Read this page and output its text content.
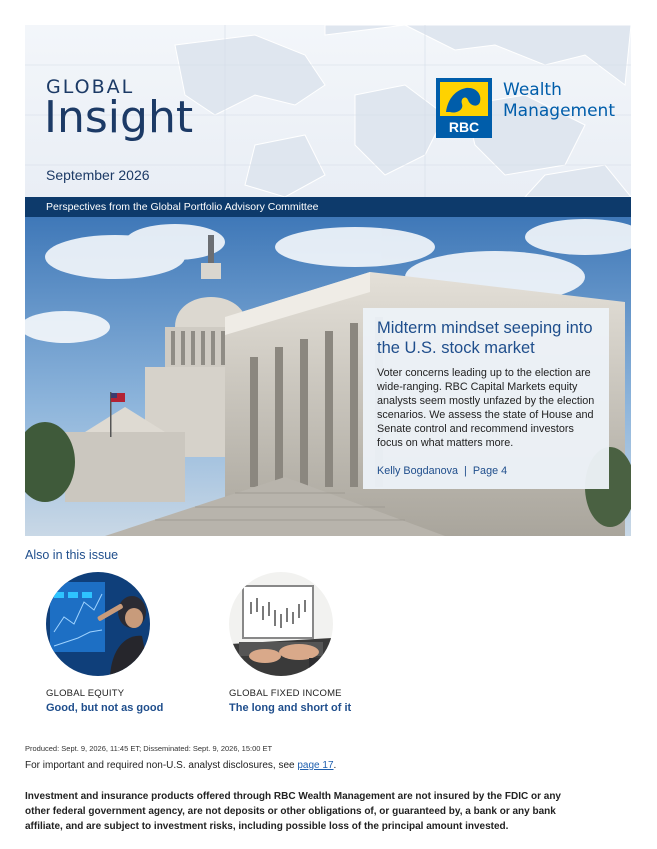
GLOBAL
Insight
September 2026
RBC
Wealth
Management
Perspectives from the Global Portfolio Advisory Committee
Midterm mindset seeping into the U.S. stock market

Voter concerns leading up to the election are wide-ranging. RBC Capital Markets equity analysts seem mostly unfazed by the election scenarios. We assess the state of House and Senate control and recommend investors focus on what matters more.

Kelly Bogdanova  |  Page 4
Also in this issue
GLOBAL EQUITY
Good, but not as good
GLOBAL FIXED INCOME
The long and short of it
Produced: Sept. 9, 2026, 11:45 ET; Disseminated: Sept. 9, 2026, 15:00 ET
For important and required non-U.S. analyst disclosures, see page 17.
Investment and insurance products offered through RBC Wealth Management are not insured by the FDIC or any other federal government agency, are not deposits or other obligations of, or guaranteed by, a bank or any bank affiliate, and are subject to investment risks, including possible loss of the principal amount invested.
